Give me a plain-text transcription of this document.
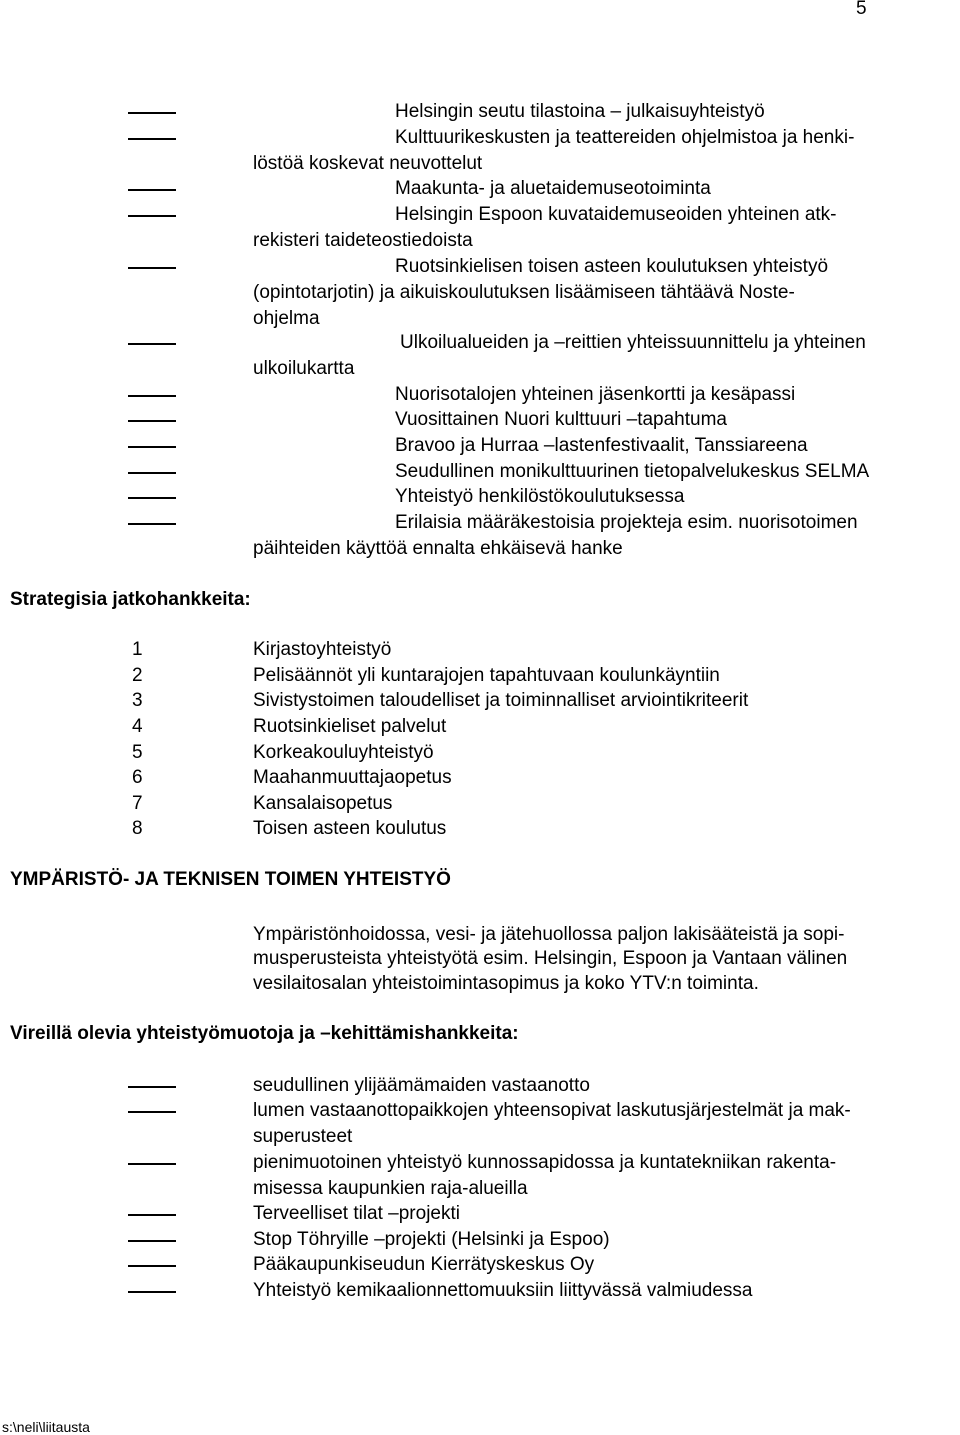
5
Helsingin seutu tilastoina – julkaisuyhteistyö
Kulttuurikeskusten ja teattereiden ohjelmistoa ja henki-
löstöä koskevat neuvottelut
Maakunta- ja aluetaidemuseotoiminta
Helsingin Espoon kuvataidemuseoiden yhteinen atk-
rekisteri taideteostiedoista
Ruotsinkielisen toisen asteen koulutuksen yhteistyö
(opintotarjotin) ja aikuiskoulutuksen lisäämiseen tähtäävä Noste-
ohjelma
Ulkoilualueiden ja –reittien yhteissuunnittelu ja yhteinen
ulkoilukartta
Nuorisotalojen yhteinen jäsenkortti ja kesäpassi
Vuosittainen Nuori kulttuuri –tapahtuma
Bravoo ja Hurraa –lastenfestivaalit, Tanssiareena
Seudullinen monikulttuurinen tietopalvelukeskus SELMA
Yhteistyö henkilöstökoulutuksessa
Erilaisia määräkestoisia projekteja esim. nuorisotoimen
päihteiden käyttöä ennalta ehkäisevä hanke
Strategisia jatkohankkeita:
1	Kirjastoyhteistyö
2	Pelisäännöt yli kuntarajojen tapahtuvaan koulunkäyntiin
3	Sivistystoimen taloudelliset ja toiminnalliset arviointikriteerit
4	Ruotsinkieliset palvelut
5	Korkeakouluyhteistyö
6	Maahanmuuttajaopetus
7	Kansalaisopetus
8	Toisen asteen koulutus
YMPÄRISTÖ- JA TEKNISEN TOIMEN YHTEISTYÖ
Ympäristönhoidossa, vesi- ja jätehuollossa paljon lakisääteistä ja sopi-
musperusteista yhteistyötä esim. Helsingin, Espoon ja Vantaan välinen
vesilaitosalan yhteistoimintasopimus ja koko YTV:n toiminta.
Vireillä olevia yhteistyömuotoja ja –kehittämishankkeita:
seudullinen ylijäämämaiden vastaanotto
lumen vastaanottopaikkojen yhteensopivat laskutusjärjestelmät ja mak-
superusteet
pienimuotoinen yhteistyö kunnossapidossa ja kuntatekniikan rakenta-
misessa kaupunkien raja-alueilla
Terveelliset tilat –projekti
Stop Töhryille –projekti (Helsinki ja Espoo)
Pääkaupunkiseudun Kierrätyskeskus Oy
Yhteistyö kemikaalionnettomuuksiin liittyvässä valmiudessa
s:\neli\liitausta
